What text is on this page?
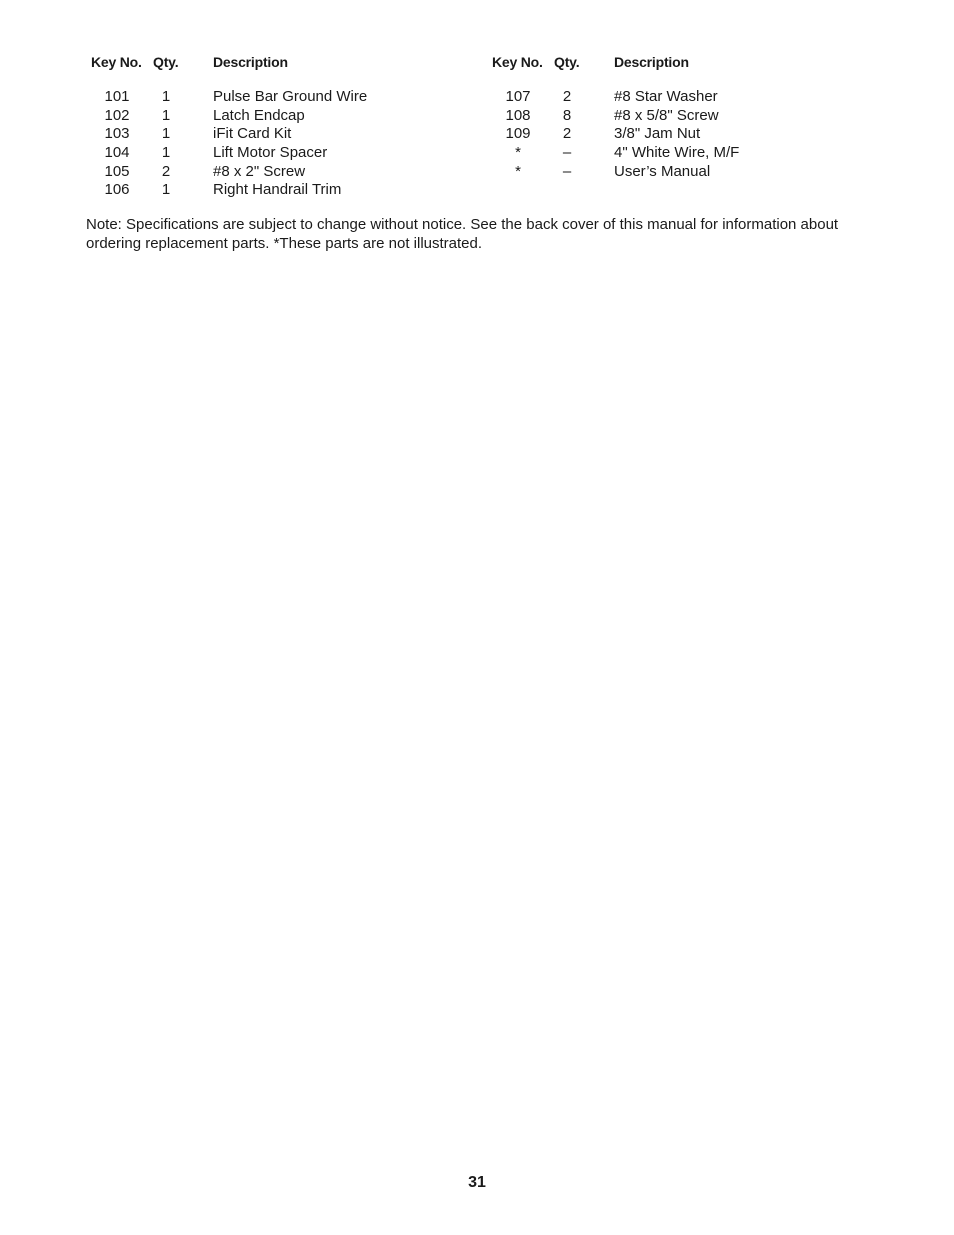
Key No. Qty. Description
101	1	Pulse Bar Ground Wire
102	1	Latch Endcap
103	1	iFit Card Kit
104	1	Lift Motor Spacer
105	2	#8 x 2" Screw
106	1	Right Handrail Trim
Key No. Qty. Description
107	2	#8 Star Washer
108	8	#8 x 5/8" Screw
109	2	3/8" Jam Nut
*	–	4" White Wire, M/F
*	–	User’s Manual
Note: Specifications are subject to change without notice. See the back cover of this manual for information about ordering replacement parts. *These parts are not illustrated.
31
